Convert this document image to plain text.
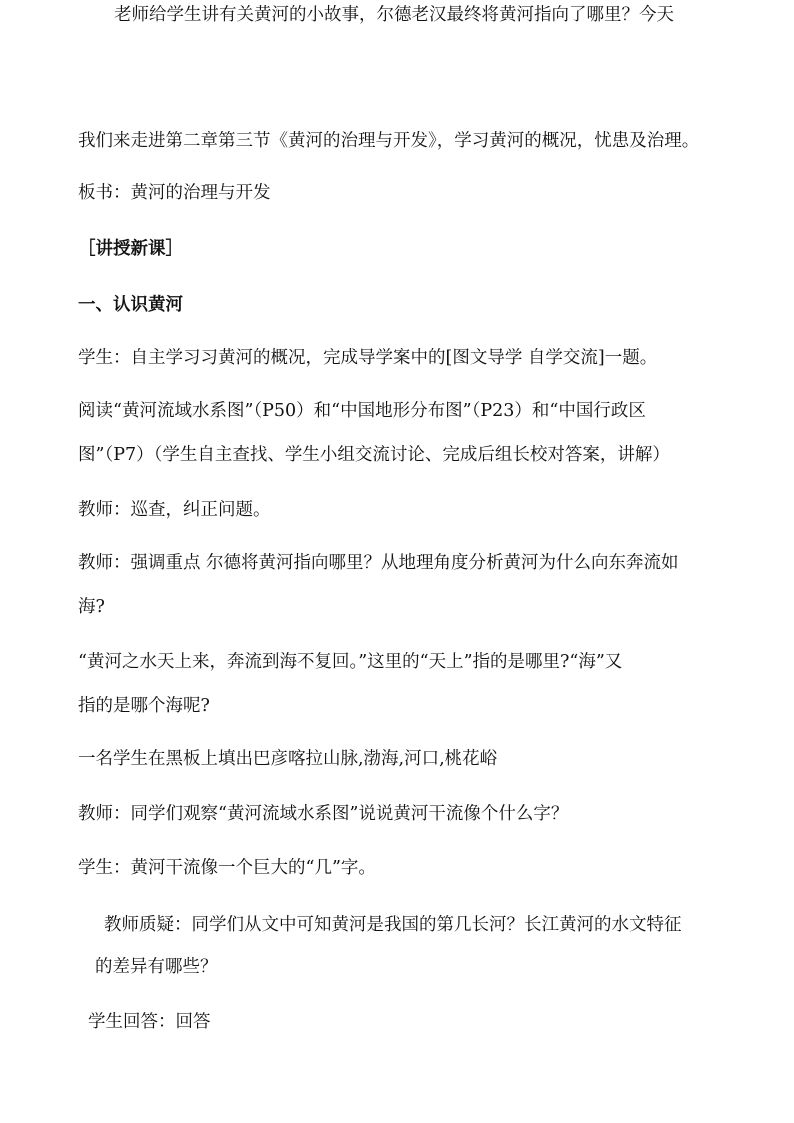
老师给学生讲有关黄河的小故事，尔德老汉最终将黄河指向了哪里？今天
我们来走进第二章第三节《黄河的治理与开发》，学习黄河的概况，忧患及治理。
板书：黄河的治理与开发
［讲授新课］
一、认识黄河
学生：自主学习习黄河的概况，完成导学案中的[图文导学 自学交流]一题。
阅读“黄河流域水系图”（P50）和“中国地形分布图”（P23）和“中国行政区
图”（P7）（学生自主查找、学生小组交流讨论、完成后组长校对答案，讲解）
教师：巡查，纠正问题。
教师：强调重点 尔德将黄河指向哪里？从地理角度分析黄河为什么向东奔流如
海?
“黄河之水天上来，奔流到海不复回。”这里的“天上”指的是哪里?“海”又
指的是哪个海呢?
一名学生在黑板上填出巴彦喀拉山脉,渤海,河口,桃花峪
教师：同学们观察“黄河流域水系图”说说黄河干流像个什么字？
学生：黄河干流像一个巨大的“几”字。
教师质疑：同学们从文中可知黄河是我国的第几长河？长江黄河的水文特征
的差异有哪些？
学生回答：回答
